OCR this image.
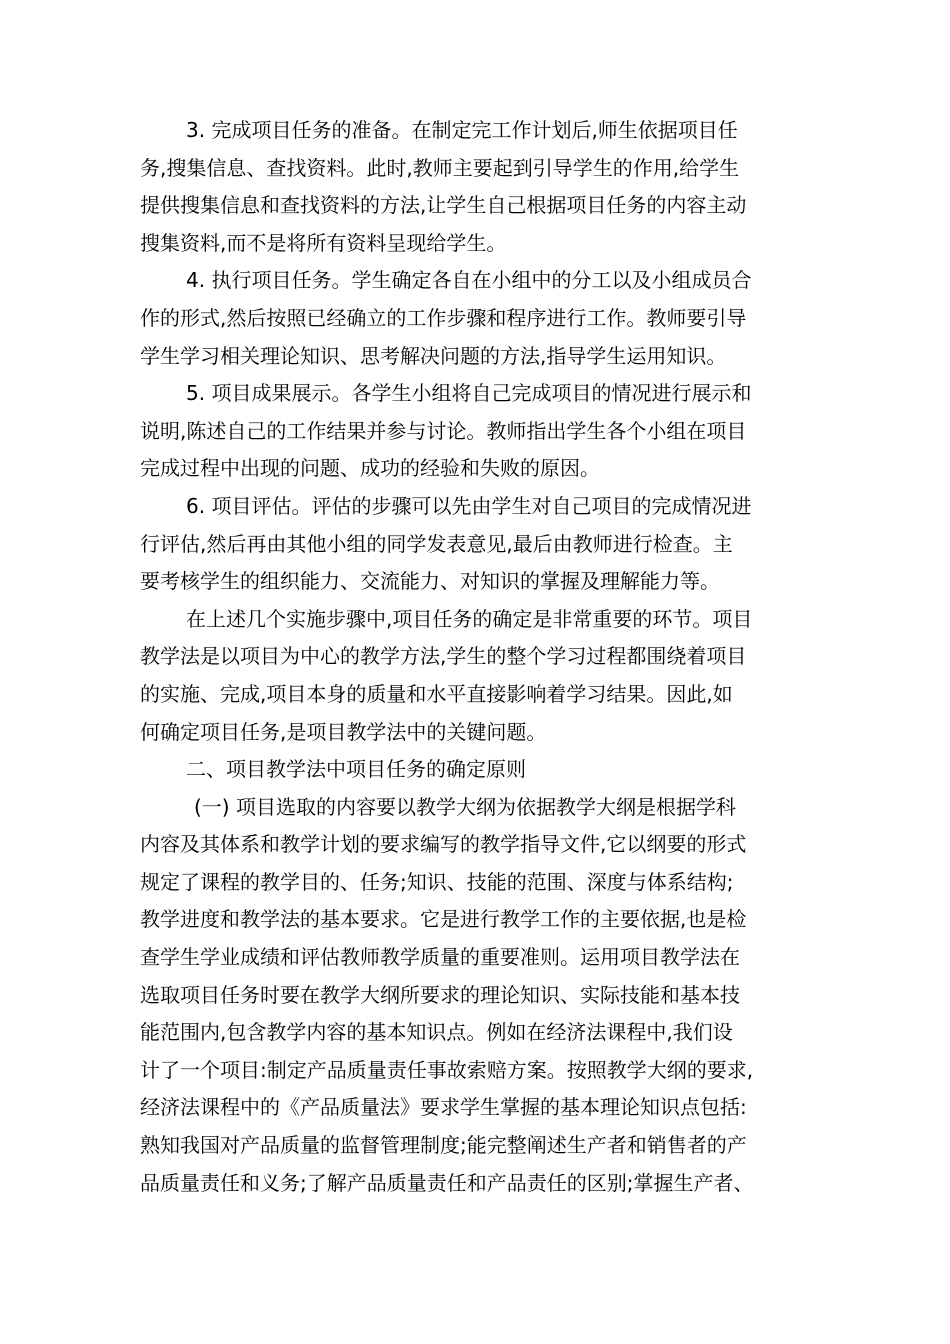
3. 完成项目任务的准备。在制定完工作计划后,师生依据项目任
务,搜集信息、查找资料。此时,教师主要起到引导学生的作用,给学生
提供搜集信息和查找资料的方法,让学生自己根据项目任务的内容主动
搜集资料,而不是将所有资料呈现给学生。
4. 执行项目任务。学生确定各自在小组中的分工以及小组成员合
作的形式,然后按照已经确立的工作步骤和程序进行工作。教师要引导
学生学习相关理论知识、思考解决问题的方法,指导学生运用知识。
5. 项目成果展示。各学生小组将自己完成项目的情况进行展示和
说明,陈述自己的工作结果并参与讨论。教师指出学生各个小组在项目
完成过程中出现的问题、成功的经验和失败的原因。
6. 项目评估。评估的步骤可以先由学生对自己项目的完成情况进
行评估,然后再由其他小组的同学发表意见,最后由教师进行检查。主
要考核学生的组织能力、交流能力、对知识的掌握及理解能力等。
在上述几个实施步骤中,项目任务的确定是非常重要的环节。项目
教学法是以项目为中心的教学方法,学生的整个学习过程都围绕着项目
的实施、完成,项目本身的质量和水平直接影响着学习结果。因此,如
何确定项目任务,是项目教学法中的关键问题。
二、项目教学法中项目任务的确定原则
(一) 项目选取的内容要以教学大纲为依据教学大纲是根据学科
内容及其体系和教学计划的要求编写的教学指导文件,它以纲要的形式
规定了课程的教学目的、任务;知识、技能的范围、深度与体系结构;
教学进度和教学法的基本要求。它是进行教学工作的主要依据,也是检
查学生学业成绩和评估教师教学质量的重要准则。运用项目教学法在
选取项目任务时要在教学大纲所要求的理论知识、实际技能和基本技
能范围内,包含教学内容的基本知识点。例如在经济法课程中,我们设
计了一个项目:制定产品质量责任事故索赔方案。按照教学大纲的要求,
经济法课程中的《产品质量法》要求学生掌握的基本理论知识点包括:
熟知我国对产品质量的监督管理制度;能完整阐述生产者和销售者的产
品质量责任和义务;了解产品质量责任和产品责任的区别;掌握生产者、
